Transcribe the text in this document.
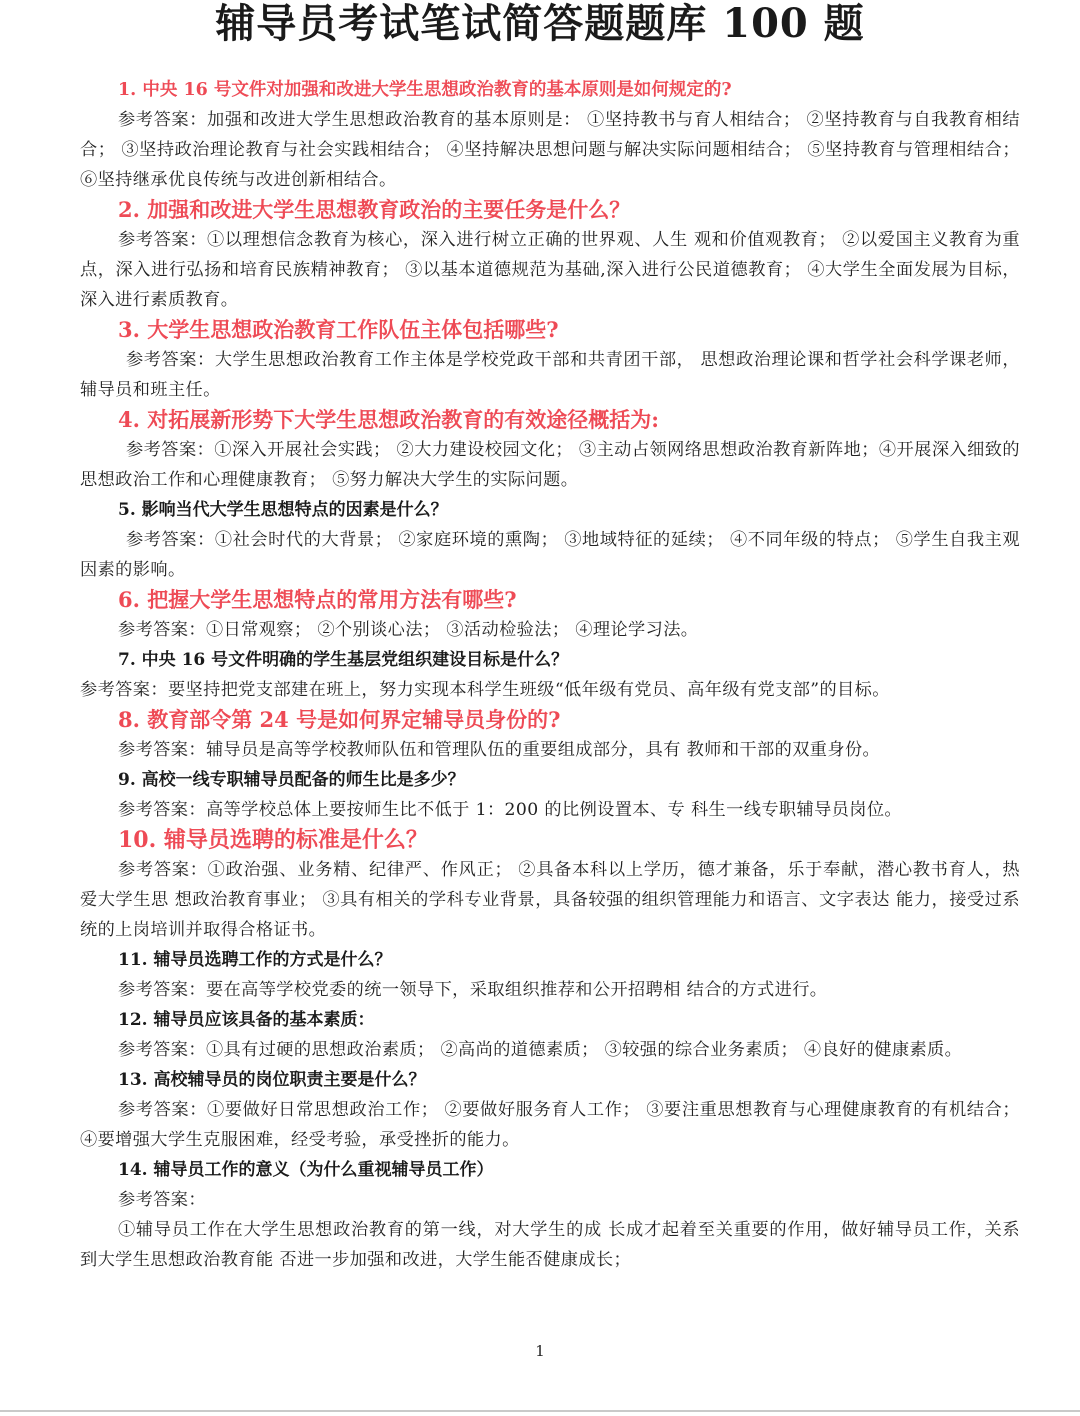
辅导员考试笔试简答题题库 100 题
1. 中央 16 号文件对加强和改进大学生思想政治教育的基本原则是如何规定的?

参考答案：加强和改进大学生思想政治教育的基本原则是： ①坚持教书与育人相结合； ②坚持教育与自我教育相结合； ③坚持政治理论教育与社会实践相结合； ④坚持解决思想问题与解决实际问题相结合； ⑤坚持教育与管理相结合； ⑥坚持继承优良传统与改进创新相结合。

2. 加强和改进大学生思想教育政治的主要任务是什么？

参考答案：①以理想信念教育为核心，深入进行树立正确的世界观、人生 观和价值观教育； ②以爱国主义教育为重点，深入进行弘扬和培育民族精神教育； ③以基本道德规范为基础,深入进行公民道德教育； ④大学生全面发展为目标，深入进行素质教育。

3. 大学生思想政治教育工作队伍主体包括哪些?

参考答案：大学生思想政治教育工作主体是学校党政干部和共青团干部， 思想政治理论课和哲学社会科学课老师，辅导员和班主任。

4. 对拓展新形势下大学生思想政治教育的有效途径概括为:

参考答案：①深入开展社会实践； ②大力建设校园文化； ③主动占领网络思想政治教育新阵地；④开展深入细致的思想政治工作和心理健康教育； ⑤努力解决大学生的实际问题。

5. 影响当代大学生思想特点的因素是什么？

参考答案：①社会时代的大背景； ②家庭环境的熏陶； ③地域特征的延续； ④不同年级的特点； ⑤学生自我主观因素的影响。

6. 把握大学生思想特点的常用方法有哪些?

参考答案：①日常观察； ②个别谈心法； ③活动检验法； ④理论学习法。

7. 中央 16 号文件明确的学生基层党组织建设目标是什么？

参考答案：要坚持把党支部建在班上，努力实现本科学生班级“低年级有党员、高年级有党支部”的目标。

8. 教育部令第 24 号是如何界定辅导员身份的?

参考答案：辅导员是高等学校教师队伍和管理队伍的重要组成部分，具有 教师和干部的双重身份。

9. 高校一线专职辅导员配备的师生比是多少？

参考答案：高等学校总体上要按师生比不低于 1：200 的比例设置本、专 科生一线专职辅导员岗位。

10. 辅导员选聘的标准是什么？

参考答案：①政治强、业务精、纪律严、作风正； ②具备本科以上学历，德才兼备，乐于奉献，潜心教书育人，热爱大学生思 想政治教育事业； ③具有相关的学科专业背景，具备较强的组织管理能力和语言、文字表达 能力，接受过系统的上岗培训并取得合格证书。

11. 辅导员选聘工作的方式是什么？

参考答案：要在高等学校党委的统一领导下，采取组织推荐和公开招聘相 结合的方式进行。

12. 辅导员应该具备的基本素质：

参考答案：①具有过硬的思想政治素质； ②高尚的道德素质； ③较强的综合业务素质； ④良好的健康素质。

13. 高校辅导员的岗位职责主要是什么？

参考答案：①要做好日常思想政治工作； ②要做好服务育人工作； ③要注重思想教育与心理健康教育的有机结合； ④要增强大学生克服困难，经受考验，承受挫折的能力。

14. 辅导员工作的意义（为什么重视辅导员工作）

参考答案：

①辅导员工作在大学生思想政治教育的第一线，对大学生的成 长成才起着至关重要的作用，做好辅导员工作，关系到大学生思想政治教育能 否进一步加强和改进，大学生能否健康成长；

1
